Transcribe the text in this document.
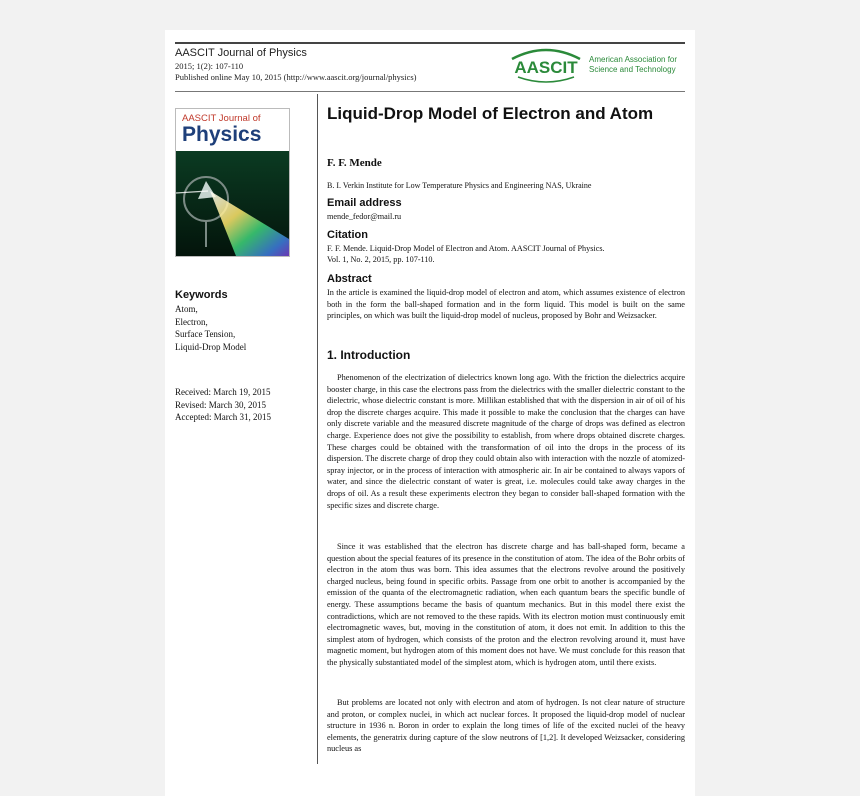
AASCIT Journal of Physics
2015; 1(2): 107-110
Published online May 10, 2015 (http://www.aascit.org/journal/physics)	AASCIT American Association for
Science and Technology
AASCIT Journal of
Physics
Keywords
Atom,
Electron,
Surface Tension,
Liquid-Drop Model
Received: March 19, 2015
Revised: March 30, 2015
Accepted: March 31, 2015
Liquid-Drop Model of Electron and Atom
F. F. Mende
B. I. Verkin Institute for Low Temperature Physics and Engineering NAS, Ukraine
Email address
mende_fedor@mail.ru
Citation
F. F. Mende. Liquid-Drop Model of Electron and Atom. AASCIT Journal of Physics.
Vol. 1, No. 2, 2015, pp. 107-110.
Abstract

In the article is examined the liquid-drop model of electron and atom, which assumes existence of electron both in the form the ball-shaped formation and in the form liquid. This model is built on the same principles, on which was built the liquid-drop model of nucleus, proposed by Bohr and Weizsacker.

1. Introduction

Phenomenon of the electrization of dielectrics known long ago. With the friction the dielectrics acquire booster charge, in this case the electrons pass from the dielectrics with the smaller dielectric constant to the dielectric, whose dielectric constant is more. Millikan established that with the dispersion in air of oil of his drop the discrete charges acquire. This made it possible to make the conclusion that the charges can have only discrete variable and the measured discrete magnitude of the charge of drops was defined as electron charge. Experience does not give the possibility to establish, from where drops obtained discrete charges. These charges could be obtained with the transformation of oil into the drops in the process of its dispersion. The discrete charge of drop they could obtain also with interaction with the nozzle of atomized-spray injector, or in the process of interaction with atmospheric air. In air be contained to always vapors of water, and since the dielectric constant of water is great, i.e. molecules could take away charges in the drops of oil. As a result these experiments electron they began to consider ball-shaped formation with the specific sizes and discrete charge.

Since it was established that the electron has discrete charge and has ball-shaped form, became a question about the special features of its presence in the constitution of atom. The idea of the Bohr orbits of electron in the atom thus was born. This idea assumes that the electrons revolve around the positively charged nucleus, being found in specific orbits. Passage from one orbit to another is accompanied by the emission of the quanta of the electromagnetic radiation, when each quantum bears the specific bundle of energy. These assumptions became the basis of quantum mechanics. But in this model there exist the contradictions, which are not removed to the these rapids. With its electron motion must continuously emit electromagnetic waves, but, moving in the constitution of atom, it does not emit. In addition to this the simplest atom of hydrogen, which consists of the proton and the electron revolving around it, must have magnetic moment, but hydrogen atom of this moment does not have. We must conclude for this reason that the physically substantiated model of the simplest atom, which is hydrogen atom, until there exists.

But problems are located not only with electron and atom of hydrogen. Is not clear nature of structure and proton, or complex nuclei, in which act nuclear forces. It proposed the liquid-drop model of nuclear structure in 1936 n. Boron in order to explain the long times of life of the excited nuclei of the heavy elements, the generatrix during capture of the slow neutrons of [1,2]. It developed Weizsacker, considering nucleus as
